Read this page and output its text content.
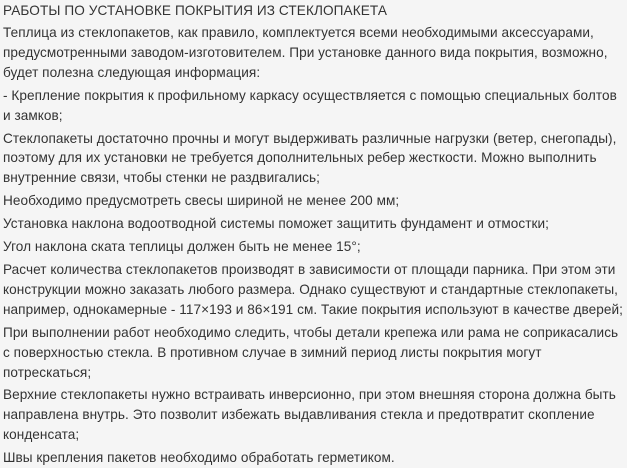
РАБОТЫ ПО УСТАНОВКЕ ПОКРЫТИЯ ИЗ СТЕКЛОПАКЕТА

Теплица из стеклопакетов, как правило, комплектуется всеми необходимыми аксессуарами, предусмотренными заводом-изготовителем. При установке данного вида покрытия, возможно, будет полезна следующая информация:

- Крепление покрытия к профильному каркасу осуществляется с помощью специальных болтов и замков;

Стеклопакеты достаточно прочны и могут выдерживать различные нагрузки (ветер, снегопады), поэтому для их установки не требуется дополнительных ребер жесткости. Можно выполнить внутренние связи, чтобы стенки не раздвигались;

Необходимо предусмотреть свесы шириной не менее 200 мм;

Установка наклона водоотводной системы поможет защитить фундамент и отмостки;

Угол наклона ската теплицы должен быть не менее 15°;

Расчет количества стеклопакетов производят в зависимости от площади парника. При этом эти конструкции можно заказать любого размера. Однако существуют и стандартные стеклопакеты, например, однокамерные - 117×193 и 86×191 см. Такие покрытия используют в качестве дверей;

При выполнении работ необходимо следить, чтобы детали крепежа или рама не соприкасались с поверхностью стекла. В противном случае в зимний период листы покрытия могут потрескаться;

Верхние стеклопакеты нужно встраивать инверсионно, при этом внешняя сторона должна быть направлена внутрь. Это позволит избежать выдавливания стекла и предотвратит скопление конденсата;

Швы крепления пакетов необходимо обработать герметиком.
